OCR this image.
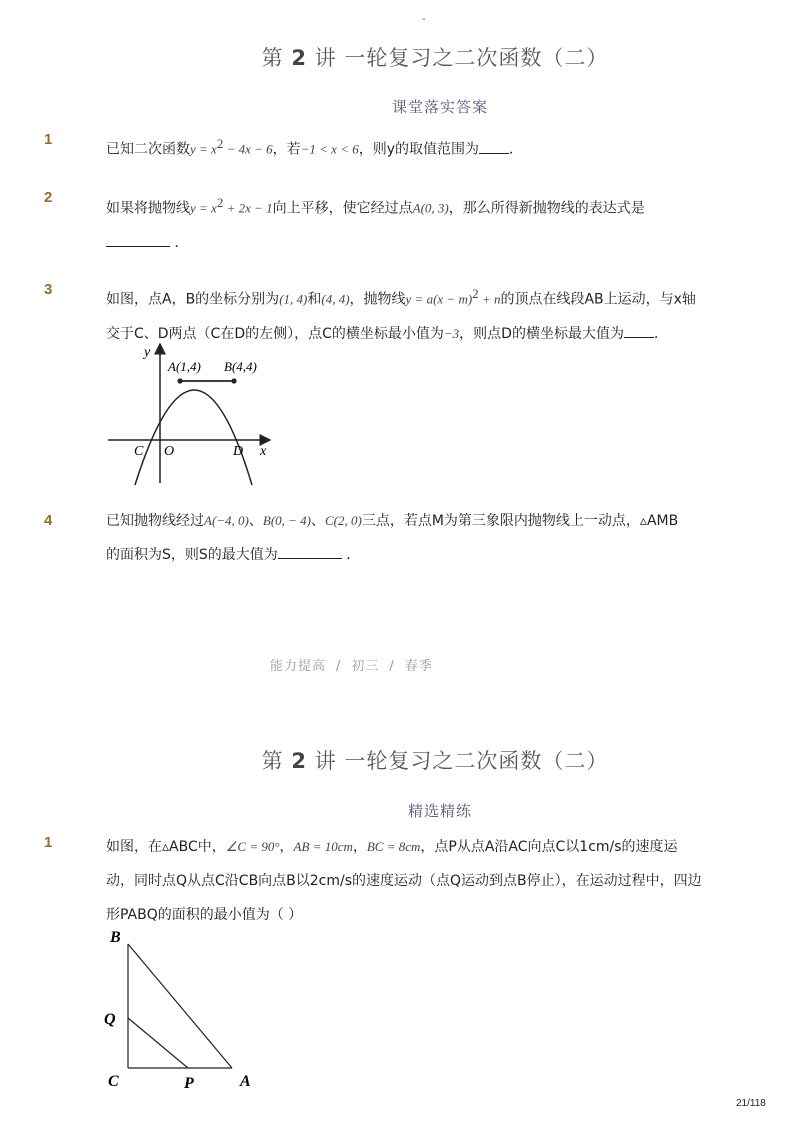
-
第 2 讲 一轮复习之二次函数（二）
课堂落实答案
1
已知二次函数$y = x^2 - 4x - 6$，若−1 < x < 6，则y的取值范围为 ．
2
如果将抛物线$y = x^2 + 2x - 1$向上平移，使它经过点A(0, 3)，那么所得新抛物线的表达式是
．
3
如图，点A，B的坐标分别为(1, 4)和(4, 4)，抛物线$y = a(x - m)^2 + n$的顶点在线段AB上运动，与x轴
交于C、D两点（C在D的左侧），点C的横坐标最小值为−3，则点D的横坐标最大值为 ．
y
A(1,4) B(4,4)
C O	D x
4	已知抛物线经过A(−4, 0)、B(0, − 4)、C(2, 0)三点，若点M为第三象限内抛物线上一动点，▵AMB
的面积为S，则S的最大值为	．
能力提高 / 初三 / 春季
第 2 讲 一轮复习之二次函数（二）
精选精练
1	如图，在▵ABC中，∠C = 90°，AB = 10cm，BC = 8cm，点P从点A沿AC向点C以1cm/s的速度运
动，同时点Q从点C沿CB向点B以2cm/s的速度运动（点Q运动到点B停止），在运动过程中，四边
形PABQ的面积的最小值为（ ）
B
Q
C	P	A
21/118
